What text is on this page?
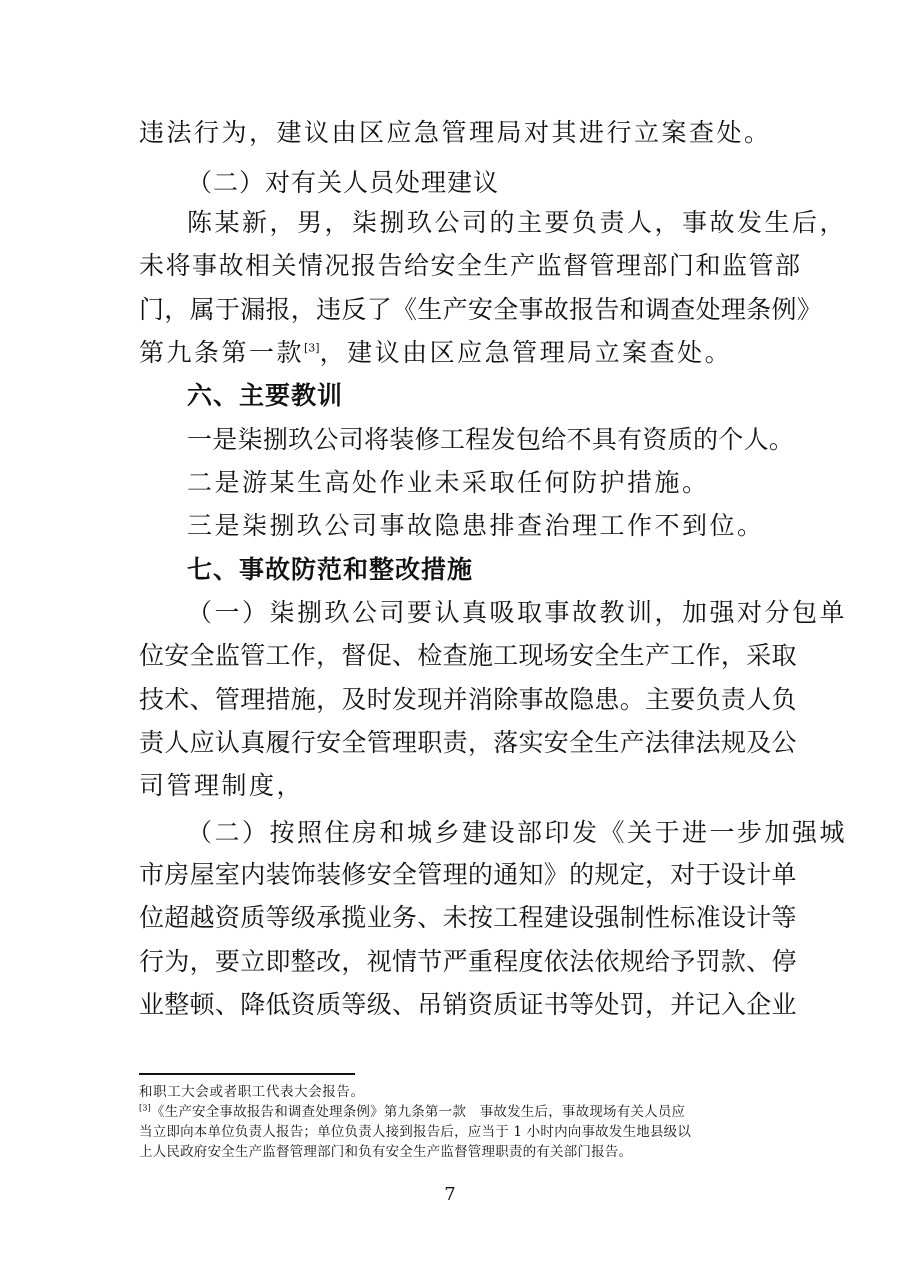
违法行为，建议由区应急管理局对其进行立案查处。
（二）对有关人员处理建议
陈某新，男，柒捌玖公司的主要负责人，事故发生后，
未将事故相关情况报告给安全生产监督管理部门和监管部
门，属于漏报，违反了《生产安全事故报告和调查处理条例》
第九条第一款[3]，建议由区应急管理局立案查处。
六、主要教训
一是柒捌玖公司将装修工程发包给不具有资质的个人。
二是游某生高处作业未采取任何防护措施。
三是柒捌玖公司事故隐患排查治理工作不到位。
七、事故防范和整改措施
（一）柒捌玖公司要认真吸取事故教训，加强对分包单
位安全监管工作，督促、检查施工现场安全生产工作，采取
技术、管理措施，及时发现并消除事故隐患。主要负责人负
责人应认真履行安全管理职责，落实安全生产法律法规及公
司管理制度，
（二）按照住房和城乡建设部印发《关于进一步加强城
市房屋室内装饰装修安全管理的通知》的规定，对于设计单
位超越资质等级承揽业务、未按工程建设强制性标准设计等
行为，要立即整改，视情节严重程度依法依规给予罚款、停
业整顿、降低资质等级、吊销资质证书等处罚，并记入企业
和职工大会或者职工代表大会报告。
[3]《生产安全事故报告和调查处理条例》第九条第一款　事故发生后，事故现场有关人员应
当立即向本单位负责人报告；单位负责人接到报告后，应当于 1 小时内向事故发生地县级以
上人民政府安全生产监督管理部门和负有安全生产监督管理职责的有关部门报告。
7
